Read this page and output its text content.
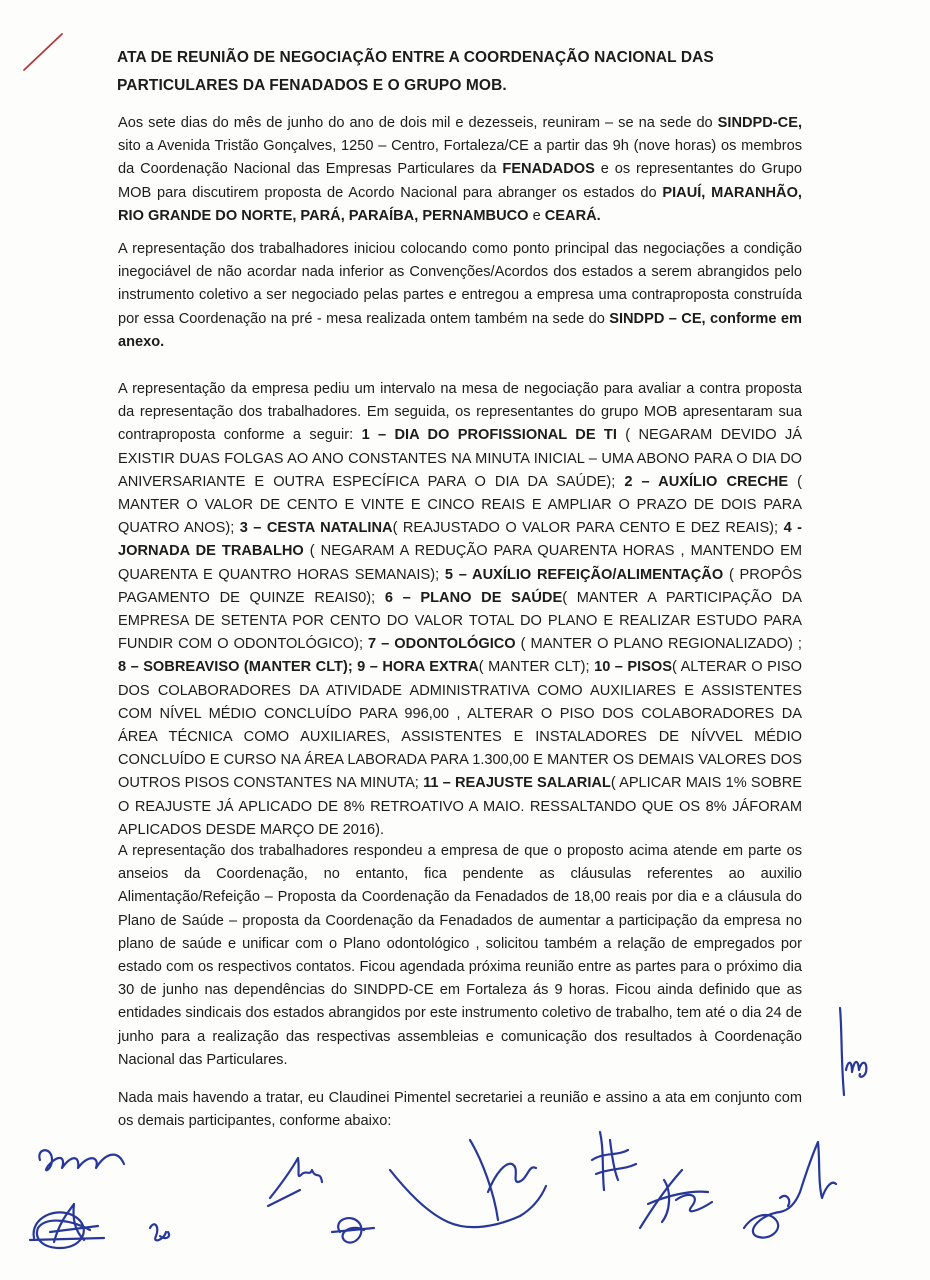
ATA DE REUNIÃO DE NEGOCIAÇÃO ENTRE A COORDENAÇÃO NACIONAL DAS PARTICULARES DA FENADADOS E O GRUPO MOB.
Aos sete dias do mês de junho do ano de dois mil e dezesseis, reuniram – se na sede do SINDPD-CE, sito a Avenida Tristão Gonçalves, 1250 – Centro, Fortaleza/CE a partir das 9h (nove horas) os membros da Coordenação Nacional das Empresas Particulares da FENADADOS e os representantes do Grupo MOB para discutirem proposta de Acordo Nacional para abranger os estados do PIAUÍ, MARANHÃO, RIO GRANDE DO NORTE, PARÁ, PARAÍBA, PERNAMBUCO e CEARÁ.
A representação dos trabalhadores iniciou colocando como ponto principal das negociações a condição inegociável de não acordar nada inferior as Convenções/Acordos dos estados a serem abrangidos pelo instrumento coletivo a ser negociado pelas partes e entregou a empresa uma contraproposta construída por essa Coordenação na pré - mesa realizada ontem também na sede do SINDPD – CE, conforme em anexo.
A representação da empresa pediu um intervalo na mesa de negociação para avaliar a contra proposta da representação dos trabalhadores. Em seguida, os representantes do grupo MOB apresentaram sua contraproposta conforme a seguir: 1 – DIA DO PROFISSIONAL DE TI ( NEGARAM DEVIDO JÁ EXISTIR DUAS FOLGAS AO ANO CONSTANTES NA MINUTA INICIAL – UMA ABONO PARA O DIA DO ANIVERSARIANTE E OUTRA ESPECÍFICA PARA O DIA DA SAÚDE); 2 – AUXÍLIO CRECHE ( MANTER O VALOR DE CENTO E VINTE E CINCO REAIS E AMPLIAR O PRAZO DE DOIS PARA QUATRO ANOS); 3 – CESTA NATALINA( REAJUSTADO O VALOR PARA CENTO E DEZ REAIS); 4 - JORNADA DE TRABALHO ( NEGARAM A REDUÇÃO PARA QUARENTA HORAS , MANTENDO EM QUARENTA E QUANTRO HORAS SEMANAIS); 5 – AUXÍLIO REFEIÇÃO/ALIMENTAÇÃO ( PROPÔS PAGAMENTO DE QUINZE REAIS0); 6 – PLANO DE SAÚDE( MANTER A PARTICIPAÇÃO DA EMPRESA DE SETENTA POR CENTO DO VALOR TOTAL DO PLANO E REALIZAR ESTUDO PARA FUNDIR COM O ODONTOLÓGICO); 7 – ODONTOLÓGICO ( MANTER O PLANO REGIONALIZADO) ; 8 – SOBREAVISO (MANTER CLT); 9 – HORA EXTRA( MANTER CLT); 10 – PISOS( ALTERAR O PISO DOS COLABORADORES DA ATIVIDADE ADMINISTRATIVA COMO AUXILIARES E ASSISTENTES COM NÍVEL MÉDIO CONCLUÍDO PARA 996,00 , ALTERAR O PISO DOS COLABORADORES DA ÁREA TÉCNICA COMO AUXILIARES, ASSISTENTES E INSTALADORES DE NÍVVEL MÉDIO CONCLUÍDO E CURSO NA ÁREA LABORADA PARA 1.300,00 E MANTER OS DEMAIS VALORES DOS OUTROS PISOS CONSTANTES NA MINUTA; 11 – REAJUSTE SALARIAL( APLICAR MAIS 1% SOBRE O REAJUSTE JÁ APLICADO DE 8% RETROATIVO A MAIO. RESSALTANDO QUE OS 8% JÁFORAM APLICADOS DESDE MARÇO DE 2016).
A representação dos trabalhadores respondeu a empresa de que o proposto acima atende em parte os anseios da Coordenação, no entanto, fica pendente as cláusulas referentes ao auxilio Alimentação/Refeição – Proposta da Coordenação da Fenadados de 18,00 reais por dia e a cláusula do Plano de Saúde – proposta da Coordenação da Fenadados de aumentar a participação da empresa no plano de saúde e unificar com o Plano odontológico , solicitou também a relação de empregados por estado com os respectivos contatos. Ficou agendada próxima reunião entre as partes para o próximo dia 30 de junho nas dependências do SINDPD-CE em Fortaleza ás 9 horas. Ficou ainda definido que as entidades sindicais dos estados abrangidos por este instrumento coletivo de trabalho, tem até o dia 24 de junho para a realização das respectivas assembleias e comunicação dos resultados à Coordenação Nacional das Particulares.
Nada mais havendo a tratar, eu Claudinei Pimentel secretariei a reunião e assino a ata em conjunto com os demais participantes, conforme abaixo:
